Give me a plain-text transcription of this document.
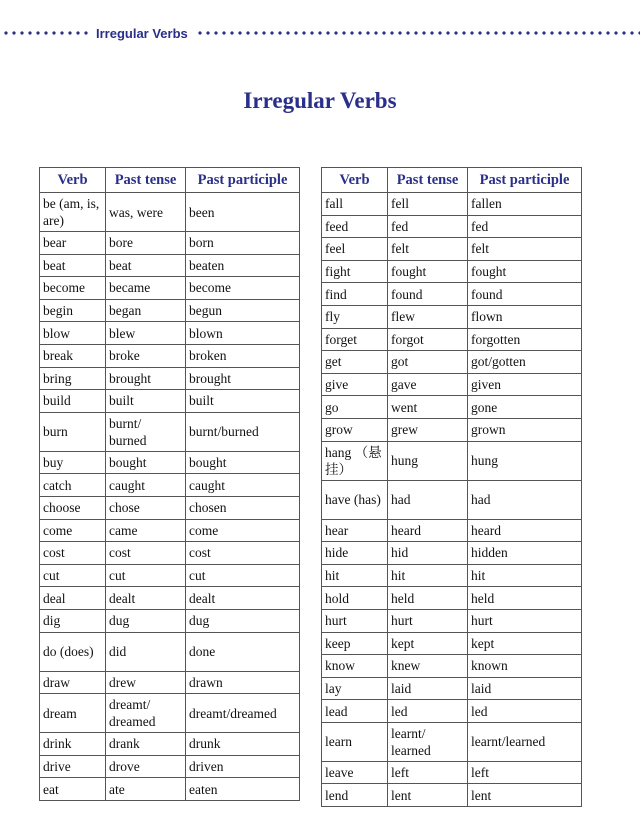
Irregular Verbs
Irregular Verbs
Verb	Past tense	Past participle
be (am, is, are)	was, were	been
bear	bore	born
beat	beat	beaten
become	became	become
begin	began	begun
blow	blew	blown
break	broke	broken
bring	brought	brought
build	built	built
burn	burnt/ burned	burnt/burned
buy	bought	bought
catch	caught	caught
choose	chose	chosen
come	came	come
cost	cost	cost
cut	cut	cut
deal	dealt	dealt
dig	dug	dug
do (does)	did	done
draw	drew	drawn
dream	dreamt/ dreamed	dreamt/dreamed
drink	drank	drunk
drive	drove	driven
eat	ate	eaten
Verb	Past tense	Past participle
fall	fell	fallen
feed	fed	fed
feel	felt	felt
fight	fought	fought
find	found	found
fly	flew	flown
forget	forgot	forgotten
get	got	got/gotten
give	gave	given
go	went	gone
grow	grew	grown
hang （悬挂）	hung	hung
have (has)	had	had
hear	heard	heard
hide	hid	hidden
hit	hit	hit
hold	held	held
hurt	hurt	hurt
keep	kept	kept
know	knew	known
lay	laid	laid
lead	led	led
learn	learnt/ learned	learnt/learned
leave	left	left
lend	lent	lent
